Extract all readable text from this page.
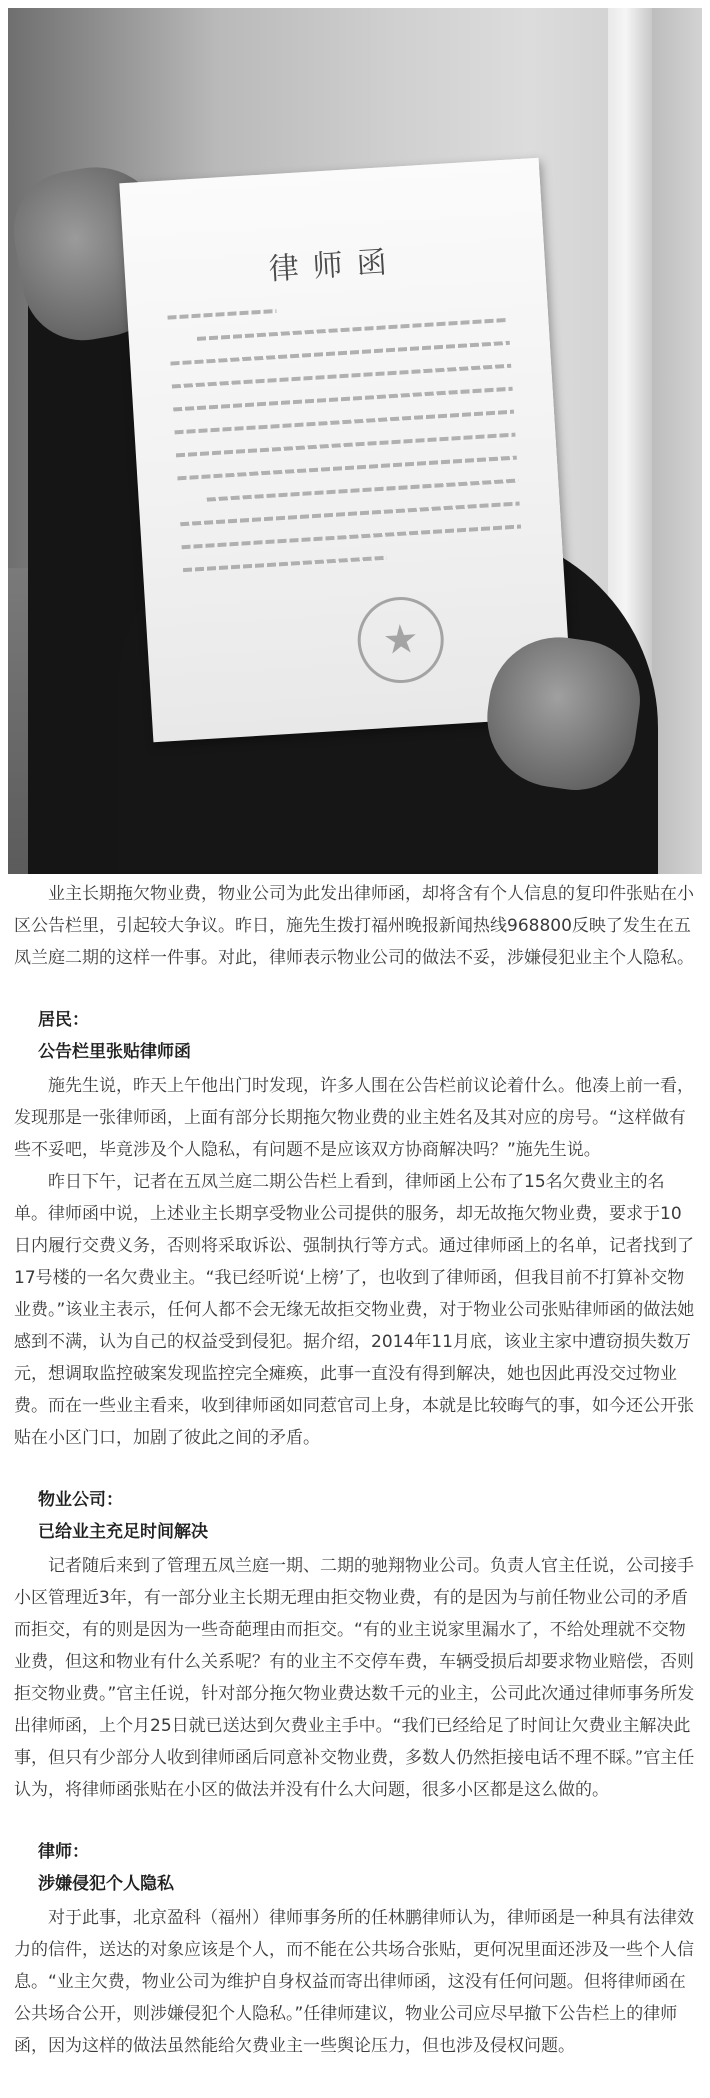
律师函

业主长期拖欠物业费，物业公司为此发出律师函，却将含有个人信息的复印件张贴在小区公告栏里，引起较大争议。昨日，施先生拨打福州晚报新闻热线968800反映了发生在五凤兰庭二期的这样一件事。对此，律师表示物业公司的做法不妥，涉嫌侵犯业主个人隐私。

居民：

公告栏里张贴律师函

施先生说，昨天上午他出门时发现，许多人围在公告栏前议论着什么。他凑上前一看，发现那是一张律师函，上面有部分长期拖欠物业费的业主姓名及其对应的房号。“这样做有些不妥吧，毕竟涉及个人隐私，有问题不是应该双方协商解决吗？”施先生说。

昨日下午，记者在五凤兰庭二期公告栏上看到，律师函上公布了15名欠费业主的名单。律师函中说，上述业主长期享受物业公司提供的服务，却无故拖欠物业费，要求于10日内履行交费义务，否则将采取诉讼、强制执行等方式。通过律师函上的名单，记者找到了17号楼的一名欠费业主。“我已经听说‘上榜’了，也收到了律师函，但我目前不打算补交物业费。”该业主表示，任何人都不会无缘无故拒交物业费，对于物业公司张贴律师函的做法她感到不满，认为自己的权益受到侵犯。据介绍，2014年11月底，该业主家中遭窃损失数万元，想调取监控破案发现监控完全瘫痪，此事一直没有得到解决，她也因此再没交过物业费。而在一些业主看来，收到律师函如同惹官司上身，本就是比较晦气的事，如今还公开张贴在小区门口，加剧了彼此之间的矛盾。

物业公司：

已给业主充足时间解决

记者随后来到了管理五凤兰庭一期、二期的驰翔物业公司。负责人官主任说，公司接手小区管理近3年，有一部分业主长期无理由拒交物业费，有的是因为与前任物业公司的矛盾而拒交，有的则是因为一些奇葩理由而拒交。“有的业主说家里漏水了，不给处理就不交物业费，但这和物业有什么关系呢？有的业主不交停车费，车辆受损后却要求物业赔偿，否则拒交物业费。”官主任说，针对部分拖欠物业费达数千元的业主，公司此次通过律师事务所发出律师函，上个月25日就已送达到欠费业主手中。“我们已经给足了时间让欠费业主解决此事，但只有少部分人收到律师函后同意补交物业费，多数人仍然拒接电话不理不睬。”官主任认为，将律师函张贴在小区的做法并没有什么大问题，很多小区都是这么做的。

律师：

涉嫌侵犯个人隐私

对于此事，北京盈科（福州）律师事务所的任林鹏律师认为，律师函是一种具有法律效力的信件，送达的对象应该是个人，而不能在公共场合张贴，更何况里面还涉及一些个人信息。“业主欠费，物业公司为维护自身权益而寄出律师函，这没有任何问题。但将律师函在公共场合公开，则涉嫌侵犯个人隐私。”任律师建议，物业公司应尽早撤下公告栏上的律师函，因为这样的做法虽然能给欠费业主一些舆论压力，但也涉及侵权问题。
